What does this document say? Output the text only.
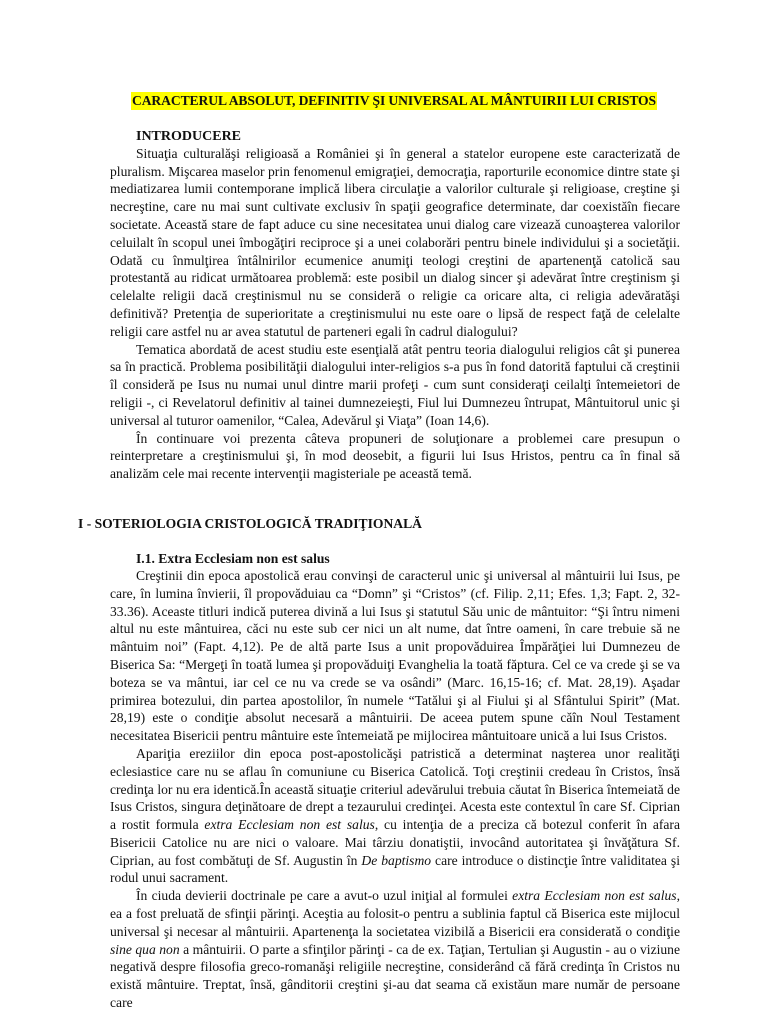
CARACTERUL ABSOLUT, DEFINITIV ŞI UNIVERSAL AL MÂNTUIRII LUI CRISTOS
INTRODUCERE

Situaţia culturalăşi religioasă a României şi în general a statelor europene este caracterizată de pluralism. Mişcarea maselor prin fenomenul emigraţiei, democraţia, raporturile economice dintre state şi mediatizarea lumii contemporane implică libera circulaţie a valorilor culturale şi religioase, creştine şi necreştine, care nu mai sunt cultivate exclusiv în spaţii geografice determinate, dar coexistăîn fiecare societate. Această stare de fapt aduce cu sine necesitatea unui dialog care vizează cunoaşterea valorilor celuilalt în scopul unei îmbogăţiri reciproce şi a unei colaborări pentru binele individului şi a societăţii. Odată cu înmulţirea întâlnirilor ecumenice anumiţi teologi creştini de apartenenţă catolică sau protestantă au ridicat următoarea problemă: este posibil un dialog sincer şi adevărat între creştinism şi celelalte religii dacă creştinismul nu se consideră o religie ca oricare alta, ci religia adevăratăşi definitivă? Pretenţia de superioritate a creştinismului nu este oare o lipsă de respect faţă de celelalte religii care astfel nu ar avea statutul de parteneri egali în cadrul dialogului?

Tematica abordată de acest studiu este esenţială atât pentru teoria dialogului religios cât şi punerea sa în practică. Problema posibilităţii dialogului inter-religios s-a pus în fond datorită faptului că creştinii îl consideră pe Isus nu numai unul dintre marii profeţi - cum sunt consideraţi ceilalţi întemeietori de religii -, ci Revelatorul definitiv al tainei dumnezeieşti, Fiul lui Dumnezeu întrupat, Mântuitorul unic şi universal al tuturor oamenilor, “Calea, Adevărul şi Viaţa” (Ioan 14,6).

În continuare voi prezenta câteva propuneri de soluţionare a problemei care presupun o reinterpretare a creştinismului şi, în mod deosebit, a figurii lui Isus Hristos, pentru ca în final să analizăm cele mai recente intervenţii magisteriale pe această temă.

I - SOTERIOLOGIA CRISTOLOGICĂ TRADIŢIONALĂ
I.1. Extra Ecclesiam non est salus

Creştinii din epoca apostolică erau convinşi de caracterul unic şi universal al mântuirii lui Isus, pe care, în lumina învierii, îl propovăduiau ca “Domn” şi “Cristos” (cf. Filip. 2,11; Efes. 1,3; Fapt. 2, 32-33.36). Aceaste titluri indică puterea divină a lui Isus şi statutul Său unic de mântuitor: “Şi întru nimeni altul nu este mântuirea, căci nu este sub cer nici un alt nume, dat între oameni, în care trebuie să ne mântuim noi” (Fapt. 4,12). Pe de altă parte Isus a unit propovăduirea Împărăţiei lui Dumnezeu de Biserica Sa: “Mergeţi în toată lumea şi propovăduiţi Evanghelia la toată făptura. Cel ce va crede şi se va boteza se va mântui, iar cel ce nu va crede se va osândi” (Marc. 16,15-16; cf. Mat. 28,19). Aşadar primirea botezului, din partea apostolilor, în numele “Tatălui şi al Fiului şi al Sfântului Spirit” (Mat. 28,19) este o condiţie absolut necesară a mântuirii. De aceea putem spune căîn Noul Testament necesitatea Bisericii pentru mântuire este întemeiată pe mijlocirea mântuitoare unică a lui Isus Cristos.

Apariţia ereziilor din epoca post-apostolicăşi patristică a determinat naşterea unor realităţi eclesiastice care nu se aflau în comuniune cu Biserica Catolică. Toţi creştinii credeau în Cristos, însă credinţa lor nu era identică.În această situaţie criteriul adevărului trebuia căutat în Biserica întemeiată de Isus Cristos, singura deţinătoare de drept a tezaurului credinţei. Acesta este contextul în care Sf. Ciprian a rostit formula extra Ecclesiam non est salus, cu intenţia de a preciza că botezul conferit în afara Bisericii Catolice nu are nici o valoare. Mai târziu donatiştii, invocând autoritatea şi învăţătura Sf. Ciprian, au fost combătuţi de Sf. Augustin în De baptismo care introduce o distincţie între validitatea şi rodul unui sacrament.

În ciuda devierii doctrinale pe care a avut-o uzul iniţial al formulei extra Ecclesiam non est salus, ea a fost preluată de sfinţii părinţi. Aceştia au folosit-o pentru a sublinia faptul că Biserica este mijlocul universal şi necesar al mântuirii. Apartenenţa la societatea vizibilă a Bisericii era considerată o condiţie sine qua non a mântuirii. O parte a sfinţilor părinţi - ca de ex. Taţian, Tertulian şi Augustin - au o viziune negativă despre filosofia greco-romanăşi religiile necreştine, considerând că fără credinţa în Cristos nu există mântuire. Treptat, însă, gânditorii creştini şi-au dat seama că existăun mare număr de persoane care
